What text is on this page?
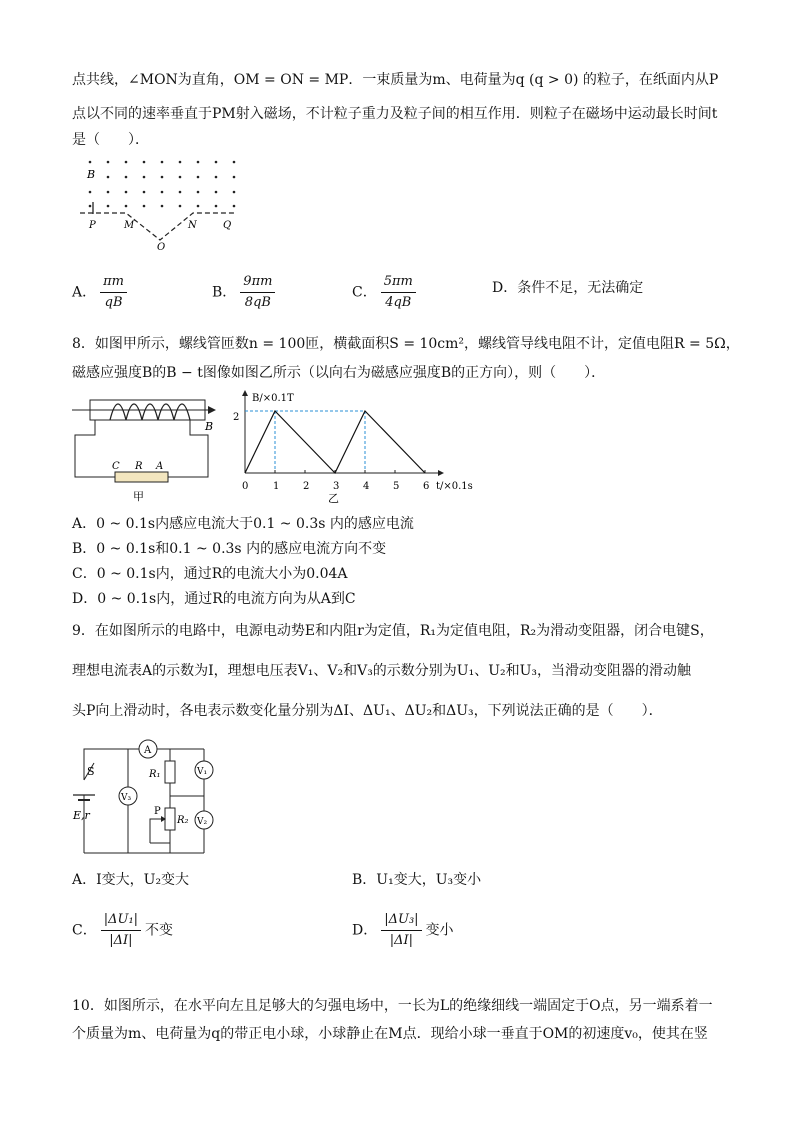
点共线，∠MON为直角，OM = ON = MP．一束质量为m、电荷量为q (q > 0) 的粒子，在纸面内从P
点以不同的速率垂直于PM射入磁场，不计粒子重力及粒子间的相互作用．则粒子在磁场中运动最长时间t
是（　　）．
B
P	M
O
N	Q
A． $\frac{\pi m}{qB}$	B． $\frac{9\pi m}{8qB}$	C． $\frac{5\pi m}{4qB}$	D．条件不足，无法确定
8．如图甲所示，螺线管匝数n = 100匝，横截面积S = 10cm²，螺线管导线电阻不计，定值电阻R = 5Ω，
磁感应强度B的B − t图像如图乙所示（以向右为磁感应强度B的正方向），则（　　）．
B
C R A
甲
B/×0.1T
t/×0.1s
2
0 1 2 3 4 5 6
乙
A．0 ~ 0.1s内感应电流大于0.1 ~ 0.3s 内的感应电流
B．0 ~ 0.1s和0.1 ~ 0.3s 内的感应电流方向不变
C．0 ~ 0.1s内，通过R的电流大小为0.04A
D．0 ~ 0.1s内，通过R的电流方向为从A到C
9．在如图所示的电路中，电源电动势E和内阻r为定值，R₁为定值电阻，R₂为滑动变阻器，闭合电键S，
理想电流表A的示数为I，理想电压表V₁、V₂和V₃的示数分别为U₁、U₂和U₃，当滑动变阻器的滑动触
头P向上滑动时，各电表示数变化量分别为ΔI、ΔU₁、ΔU₂和ΔU₃，下列说法正确的是（　　）．
S
E,r
A
V₃
R₁
R₂
P
V₁
V₂
A．I变大，U₂变大	B．U₁变大，U₃变小
C． $\frac{\text{|ΔU₁|}}{|\Delta I|}$ 不变	D． $\frac{\text{|ΔU₃|}}{|\Delta I|}$ 变小
10．如图所示，在水平向左且足够大的匀强电场中，一长为L的绝缘细线一端固定于O点，另一端系着一
个质量为m、电荷量为q的带正电小球，小球静止在M点．现给小球一垂直于OM的初速度v₀，使其在竖
